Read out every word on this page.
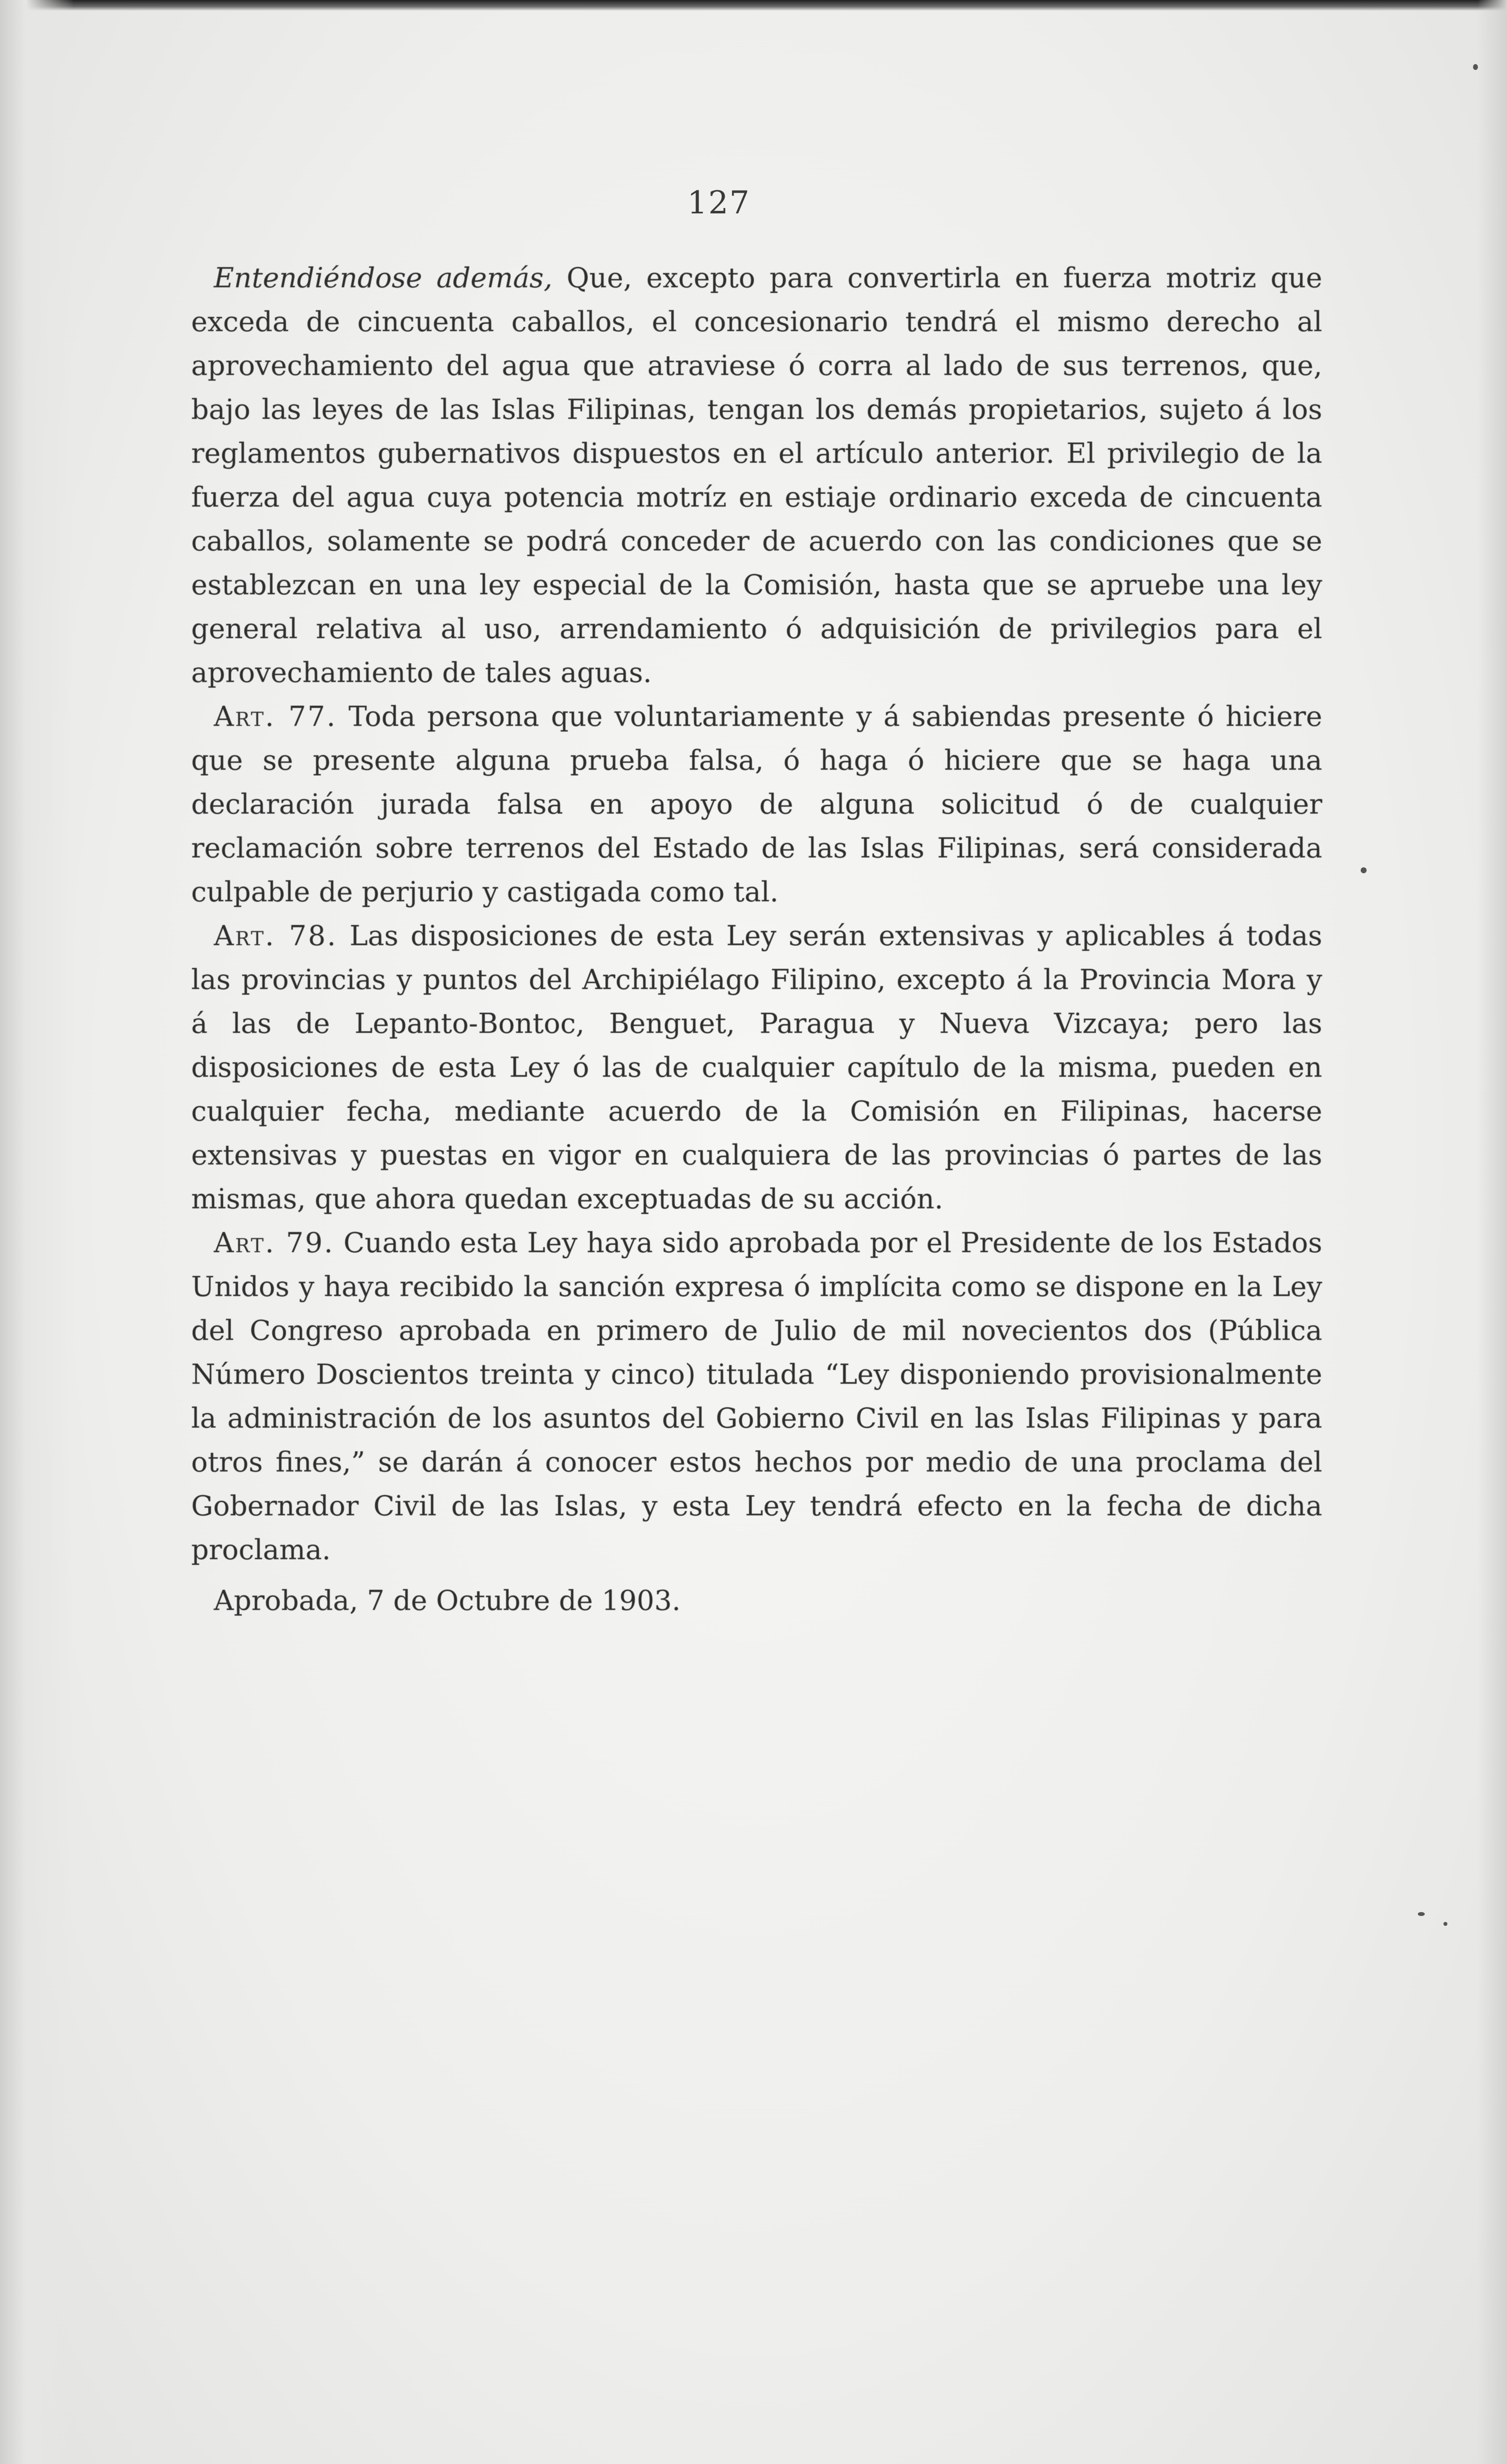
127

Entendiéndose además, Que, excepto para convertirla en fuerza motriz que exceda de cincuenta caballos, el concesionario tendrá el mismo derecho al aprovechamiento del agua que atraviese ó corra al lado de sus terrenos, que, bajo las leyes de las Islas Filipinas, tengan los demás propietarios, sujeto á los reglamentos gubernativos dispuestos en el artículo anterior. El privilegio de la fuerza del agua cuya potencia motríz en estiaje ordinario exceda de cincuenta caballos, solamente se podrá conceder de acuerdo con las condiciones que se establezcan en una ley especial de la Comisión, hasta que se apruebe una ley general relativa al uso, arrendamiento ó adquisición de privilegios para el aprovechamiento de tales aguas.

Art. 77. Toda persona que voluntariamente y á sabiendas presente ó hiciere que se presente alguna prueba falsa, ó haga ó hiciere que se haga una declaración jurada falsa en apoyo de alguna solicitud ó de cualquier reclamación sobre terrenos del Estado de las Islas Filipinas, será considerada culpable de perjurio y castigada como tal.

Art. 78. Las disposiciones de esta Ley serán extensivas y aplicables á todas las provincias y puntos del Archipiélago Filipino, excepto á la Provincia Mora y á las de Lepanto-Bontoc, Benguet, Paragua y Nueva Vizcaya; pero las disposiciones de esta Ley ó las de cualquier capítulo de la misma, pueden en cualquier fecha, mediante acuerdo de la Comisión en Filipinas, hacerse extensivas y puestas en vigor en cualquiera de las provincias ó partes de las mismas, que ahora quedan exceptuadas de su acción.

Art. 79. Cuando esta Ley haya sido aprobada por el Presidente de los Estados Unidos y haya recibido la sanción expresa ó implícita como se dispone en la Ley del Congreso aprobada en primero de Julio de mil novecientos dos (Pública Número Doscientos treinta y cinco) titulada “Ley disponiendo provisionalmente la administración de los asuntos del Gobierno Civil en las Islas Filipinas y para otros fines,” se darán á conocer estos hechos por medio de una proclama del Gobernador Civil de las Islas, y esta Ley tendrá efecto en la fecha de dicha proclama.

Aprobada, 7 de Octubre de 1903.
